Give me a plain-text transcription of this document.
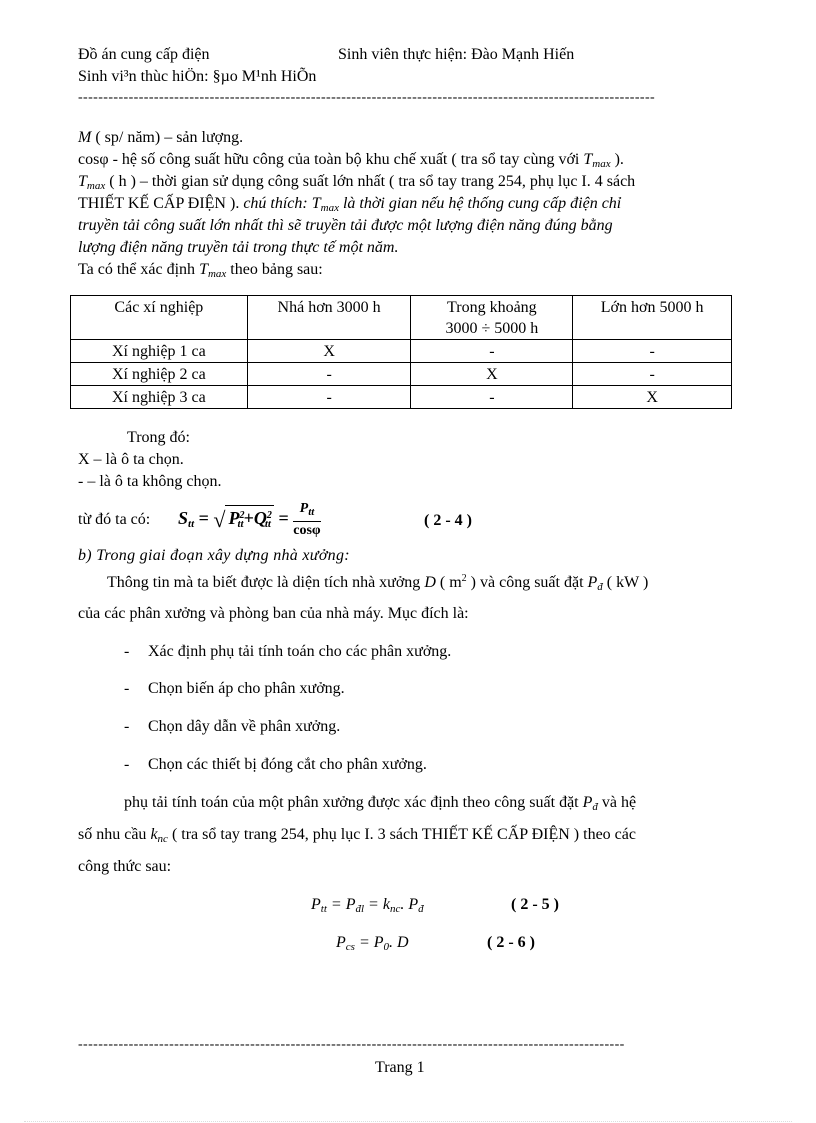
Đồ án cung cấp điện	Sinh viên thực hiện: Đào Mạnh Hiến
Sinh vi³n thùc hiÖn: §µo M¹nh HiÕn
------------------------------------------------------------------------------------------------------------------
M ( sp/ năm) – sản lượng.
cosφ - hệ số công suất hữu công của toàn bộ khu chế xuất ( tra sổ tay cùng với $T_{max}$ ).
$T_{max}$ ( h ) – thời gian sử dụng công suất lớn nhất ( tra sổ tay trang 254, phụ lục I. 4 sách
THIẾT KẾ CẤP ĐIỆN ). chú thích: $T_{max}$ là thời gian nếu hệ thống cung cấp điện chỉ
truyền tải công suất lớn nhất thì sẽ truyền tải được một lượng điện năng đúng bằng
lượng điện năng truyền tải trong thực tế một năm.
Ta có thể xác định $T_{max}$ theo bảng sau:
Các xí nghiệp	Nhá hơn 3000 h	Trong khoảng
3000 ÷ 5000 h	Lớn hơn 5000 h
Xí nghiệp 1 ca	X	-	-
Xí nghiệp 2 ca	-	X	-
Xí nghiệp 3 ca	-	-	X
Trong đó:
X – là ô ta chọn.
- – là ô ta không chọn.
từ đó ta có: $S_{tt}$ = √ $P^2_{tt}+Q^2_{tt} = \frac{P_{tt}}{\cos\varphi}$	( 2 - 4 )
b) Trong giai đoạn xây dựng nhà xưởng:
Thông tin mà ta biết được là diện tích nhà xưởng D ( $m^2$ ) và công suất đặt $P_đ$ ( kW )
của các phân xưởng và phòng ban của nhà máy. Mục đích là:
- Xác định phụ tải tính toán cho các phân xưởng.
- Chọn biến áp cho phân xưởng.
- Chọn dây dẫn về phân xưởng.
- Chọn các thiết bị đóng cắt cho phân xưởng.
phụ tải tính toán của một phân xưởng được xác định theo công suất đặt $P_đ$ và hệ
số nhu cầu $k_{nc}$ ( tra sổ tay trang 254, phụ lục I. 3 sách THIẾT KẾ CẤP ĐIỆN ) theo các
công thức sau:
$P_{tt} = P_{đl} = k_{nc}$. $P_đ$	( 2 - 5 )
$P_{cs} = P_0$. D	( 2 - 6 )
------------------------------------------------------------------------------------------------------------
Trang 1
